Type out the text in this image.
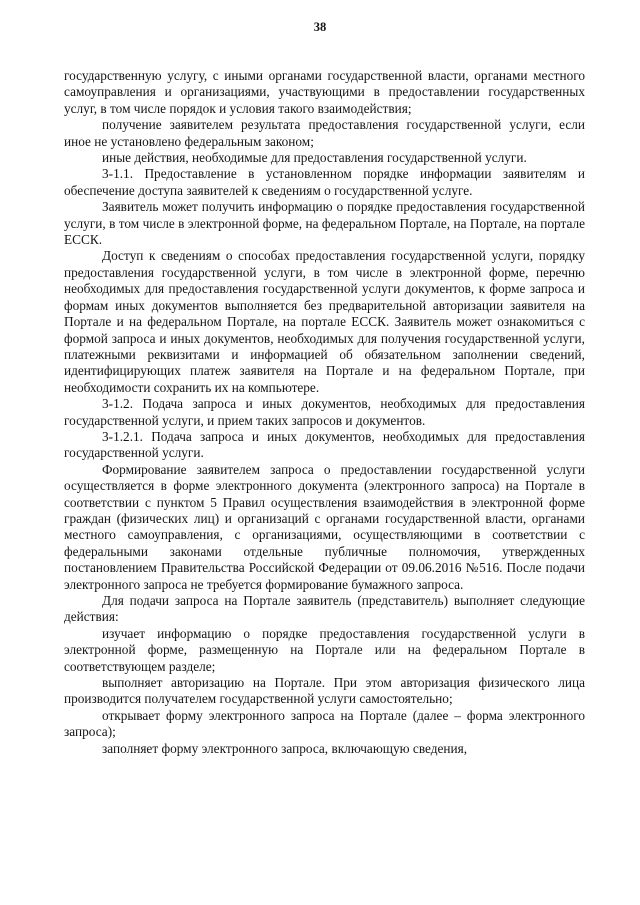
38

государственную услугу, с иными органами государственной власти, органами местного самоуправления и организациями, участвующими в предоставлении государственных услуг, в том числе порядок и условия такого взаимодействия;

получение заявителем результата предоставления государственной услуги, если иное не установлено федеральным законом;

иные действия, необходимые для предоставления государственной услуги.

3-1.1. Предоставление в установленном порядке информации заявителям и обеспечение доступа заявителей к сведениям о государственной услуге.

Заявитель может получить информацию о порядке предоставления государственной услуги, в том числе в электронной форме, на федеральном Портале, на Портале, на портале ЕССК.

Доступ к сведениям о способах предоставления государственной услуги, порядку предоставления государственной услуги, в том числе в электронной форме, перечню необходимых для предоставления государственной услуги документов, к форме запроса и формам иных документов выполняется без предварительной авторизации заявителя на Портале и на федеральном Портале, на портале ЕССК. Заявитель может ознакомиться с формой запроса и иных документов, необходимых для получения государственной услуги, платежными реквизитами и информацией об обязательном заполнении сведений, идентифицирующих платеж заявителя на Портале и на федеральном Портале, при необходимости сохранить их на компьютере.

3-1.2. Подача запроса и иных документов, необходимых для предоставления государственной услуги, и прием таких запросов и документов.

3-1.2.1. Подача запроса и иных документов, необходимых для предоставления государственной услуги.

Формирование заявителем запроса о предоставлении государственной услуги осуществляется в форме электронного документа (электронного запроса) на Портале в соответствии с пунктом 5 Правил осуществления взаимодействия в электронной форме граждан (физических лиц) и организаций с органами государственной власти, органами местного самоуправления, с организациями, осуществляющими в соответствии с федеральными законами отдельные публичные полномочия, утвержденных постановлением Правительства Российской Федерации от 09.06.2016 №516. После подачи электронного запроса не требуется формирование бумажного запроса.

Для подачи запроса на Портале заявитель (представитель) выполняет следующие действия:

изучает информацию о порядке предоставления государственной услуги в электронной форме, размещенную на Портале или на федеральном Портале в соответствующем разделе;

выполняет авторизацию на Портале. При этом авторизация физического лица производится получателем государственной услуги самостоятельно;

открывает форму электронного запроса на Портале (далее – форма электронного запроса);

заполняет форму электронного запроса, включающую сведения,
